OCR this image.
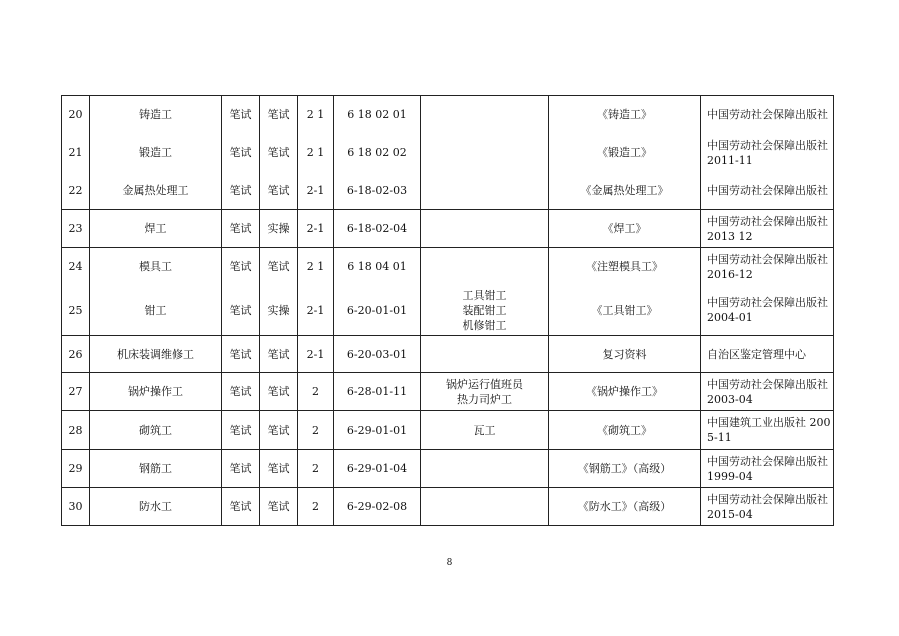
20	铸造工	笔试	笔试	2 1	6 18 02 01		《铸造工》	中国劳动社会保障出版社
21	锻造工	笔试	笔试	2 1	6 18 02 02		《锻造工》	中国劳动社会保障出版社 2011-11
22	金属热处理工	笔试	笔试	2-1	6-18-02-03		《金属热处理工》	中国劳动社会保障出版社
23	焊工	笔试	实操	2-1	6-18-02-04		《焊工》	中国劳动社会保障出版社 2013 12
24	模具工	笔试	笔试	2 1	6 18 04 01		《注塑模具工》	中国劳动社会保障出版社 2016-12
25	钳工	笔试	实操	2-1	6-20-01-01	工具钳工
装配钳工
机修钳工	《工具钳工》	中国劳动社会保障出版社 2004-01
26	机床装调维修工	笔试	笔试	2-1	6-20-03-01		复习资料	自治区鉴定管理中心
27	锅炉操作工	笔试	笔试	2	6-28-01-11	锅炉运行值班员
热力司炉工	《锅炉操作工》	中国劳动社会保障出版社 2003-04
28	砌筑工	笔试	笔试	2	6-29-01-01	瓦工	《砌筑工》	中国建筑工业出版社 2005-11
29	钢筋工	笔试	笔试	2	6-29-01-04		《钢筋工》（高级）	中国劳动社会保障出版社 1999-04
30	防水工	笔试	笔试	2	6-29-02-08		《防水工》（高级）	中国劳动社会保障出版社 2015-04
8
